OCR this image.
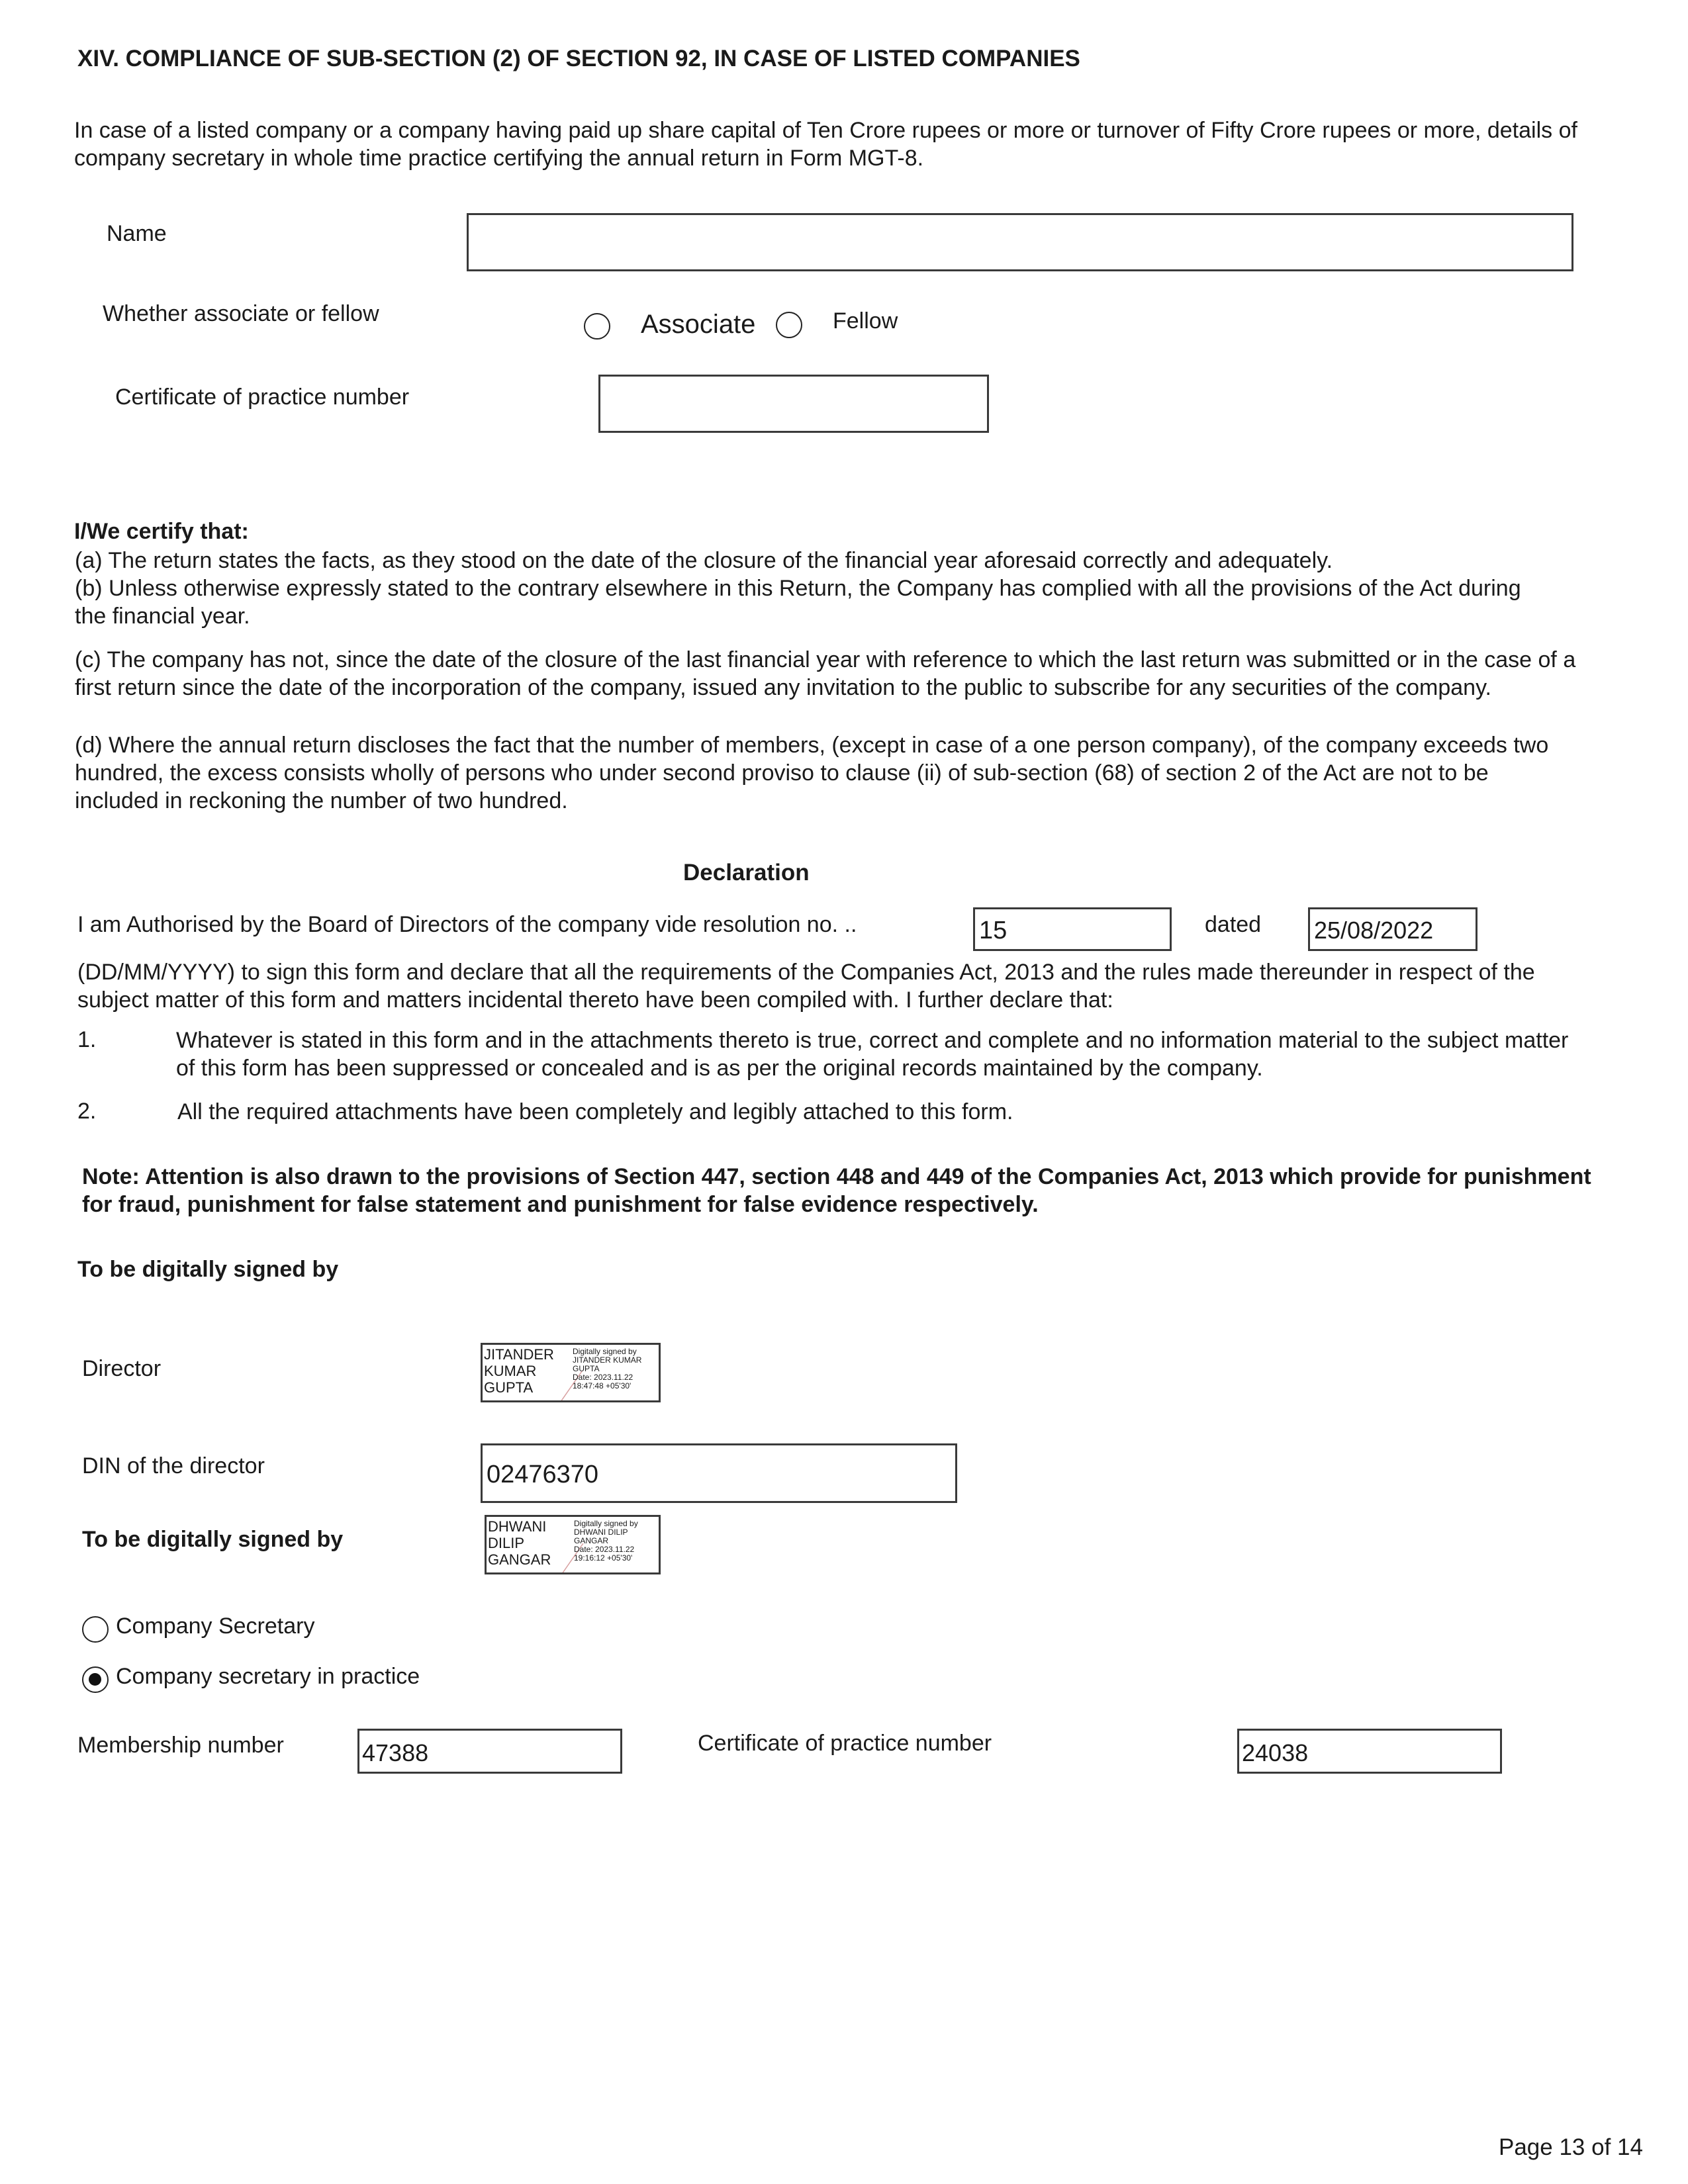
XIV. COMPLIANCE OF SUB-SECTION (2) OF SECTION 92, IN CASE OF LISTED COMPANIES
In case of a listed company or a company having paid up share capital of Ten Crore rupees or more or turnover of Fifty Crore rupees or more, details of company secretary in whole time practice certifying the annual return in Form MGT-8.
Name
Whether associate or fellow	Associate	Fellow
Certificate of practice number
I/We certify that:
(a) The return states the facts, as they stood on the date of the closure of the financial year aforesaid correctly and adequately.
(b) Unless otherwise expressly stated to the contrary elsewhere in this Return, the Company has complied with all the provisions of the Act during the financial year.
(c) The company has not, since the date of the closure of the last financial year with reference to which the last return was submitted or in the case of a first return since the date of the incorporation of the company, issued any invitation to the public to subscribe for any securities of the company.
(d) Where the annual return discloses the fact that the number of members, (except in case of a one person company), of the company exceeds two hundred, the excess consists wholly of persons who under second proviso to clause (ii) of sub-section (68) of section 2 of the Act are not to be included in reckoning the number of two hundred.
Declaration
I am Authorised by the Board of Directors of the company vide resolution no. ..	15	dated 25/08/2022
(DD/MM/YYYY) to sign this form and declare that all the requirements of the Companies Act, 2013 and the rules made thereunder in respect of the subject matter of this form and matters incidental thereto have been compiled with. I further declare that:
1.	Whatever is stated in this form and in the attachments thereto is true, correct and complete and no information material to the subject matter of this form has been suppressed or concealed and is as per the original records maintained by the company.
2.	All the required attachments have been completely and legibly attached to this form.
Note: Attention is also drawn to the provisions of Section 447, section 448 and 449 of the Companies Act, 2013 which provide for punishment for fraud, punishment for false statement and punishment for false evidence respectively.
To be digitally signed by
Director
JITANDER
KUMAR
GUPTA
Digitally signed by
JITANDER KUMAR
GUPTA
Date: 2023.11.22
18:47:48 +05'30'
DIN of the director	02476370
To be digitally signed by
DHWANI
DILIP
GANGAR
Digitally signed by
DHWANI DILIP
GANGAR
Date: 2023.11.22
19:16:12 +05'30'
Company Secretary
Company secretary in practice
Membership number	47388	Certificate of practice number	24038
Page 13 of 14
